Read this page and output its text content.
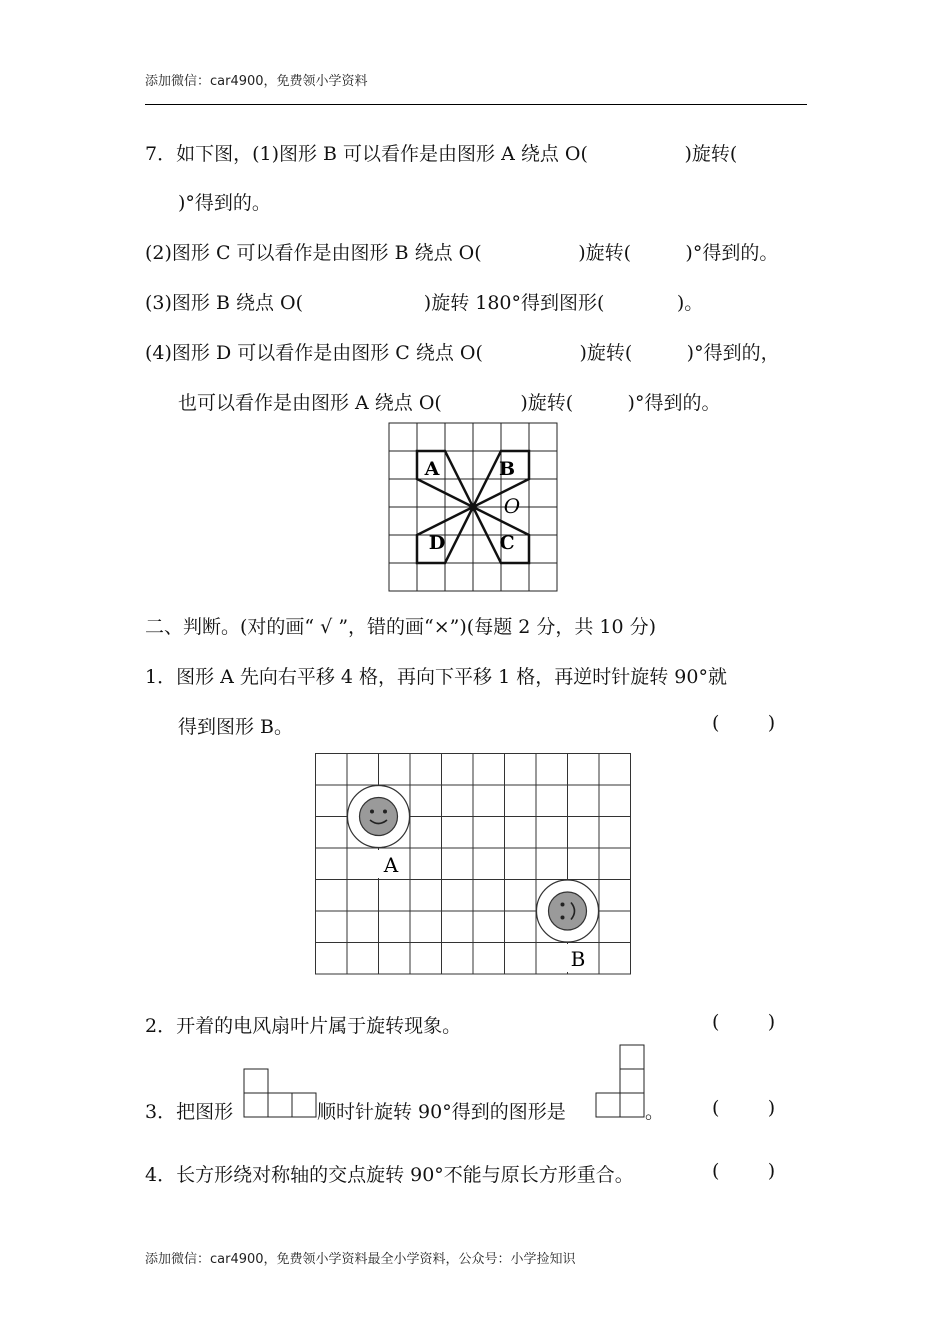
添加微信：car4900，免费领小学资料
7．如下图，(1)图形 B 可以看作是由图形 A 绕点 O(                )旋转(
)°得到的。
(2)图形 C 可以看作是由图形 B 绕点 O(                )旋转(         )°得到的。
(3)图形 B 绕点 O(                    )旋转 180°得到图形(            )。
(4)图形 D 可以看作是由图形 C 绕点 O(                )旋转(         )°得到的，
也可以看作是由图形 A 绕点 O(             )旋转(         )°得到的。
A	B
C
D
O
二、判断。(对的画“ √ ”，错的画“×”)(每题 2 分，共 10 分)
1．图形 A 先向右平移 4 格，再向下平移 1 格，再逆时针旋转 90°就
得到图形 B。	(        )
A
B
2．开着的电风扇叶片属于旋转现象。	(        )
3．把图形	顺时针旋转 90°得到的图形是	。	(        )
4．长方形绕对称轴的交点旋转 90°不能与原长方形重合。	(        )
添加微信：car4900，免费领小学资料最全小学资料，公众号：小学捡知识
